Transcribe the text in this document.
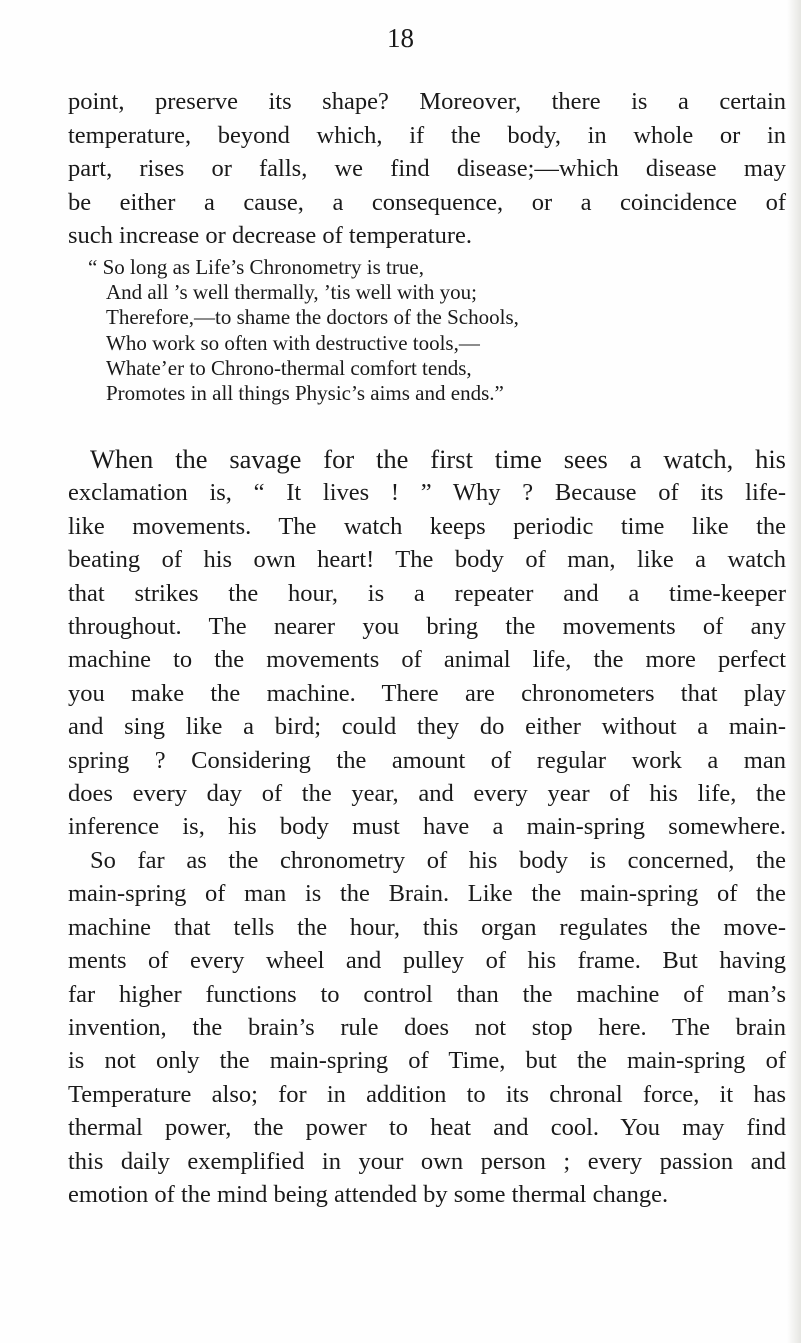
18
point, preserve its shape? Moreover, there is a certain
temperature, beyond which, if the body, in whole or in
part, rises or falls, we find disease;—which disease may
be either a cause, a consequence, or a coincidence of
such increase or decrease of temperature.
“ So long as Life’s Chronometry is true,
And all ’s well thermally, ’tis well with you;
Therefore,—to shame the doctors of the Schools,
Who work so often with destructive tools,—
Whate’er to Chrono-thermal comfort tends,
Promotes in all things Physic’s aims and ends.”
When the savage for the first time sees a watch, his
exclamation is, “ It lives ! ” Why ? Because of its life-
like movements. The watch keeps periodic time like the
beating of his own heart! The body of man, like a watch
that strikes the hour, is a repeater and a time-keeper
throughout. The nearer you bring the movements of any
machine to the movements of animal life, the more perfect
you make the machine. There are chronometers that play
and sing like a bird; could they do either without a main-
spring ? Considering the amount of regular work a man
does every day of the year, and every year of his life, the
inference is, his body must have a main-spring somewhere.
So far as the chronometry of his body is concerned, the
main-spring of man is the Brain. Like the main-spring of the
machine that tells the hour, this organ regulates the move-
ments of every wheel and pulley of his frame. But having
far higher functions to control than the machine of man’s
invention, the brain’s rule does not stop here. The brain
is not only the main-spring of Time, but the main-spring of
Temperature also; for in addition to its chronal force, it has
thermal power, the power to heat and cool. You may find
this daily exemplified in your own person ; every passion and
emotion of the mind being attended by some thermal change.
